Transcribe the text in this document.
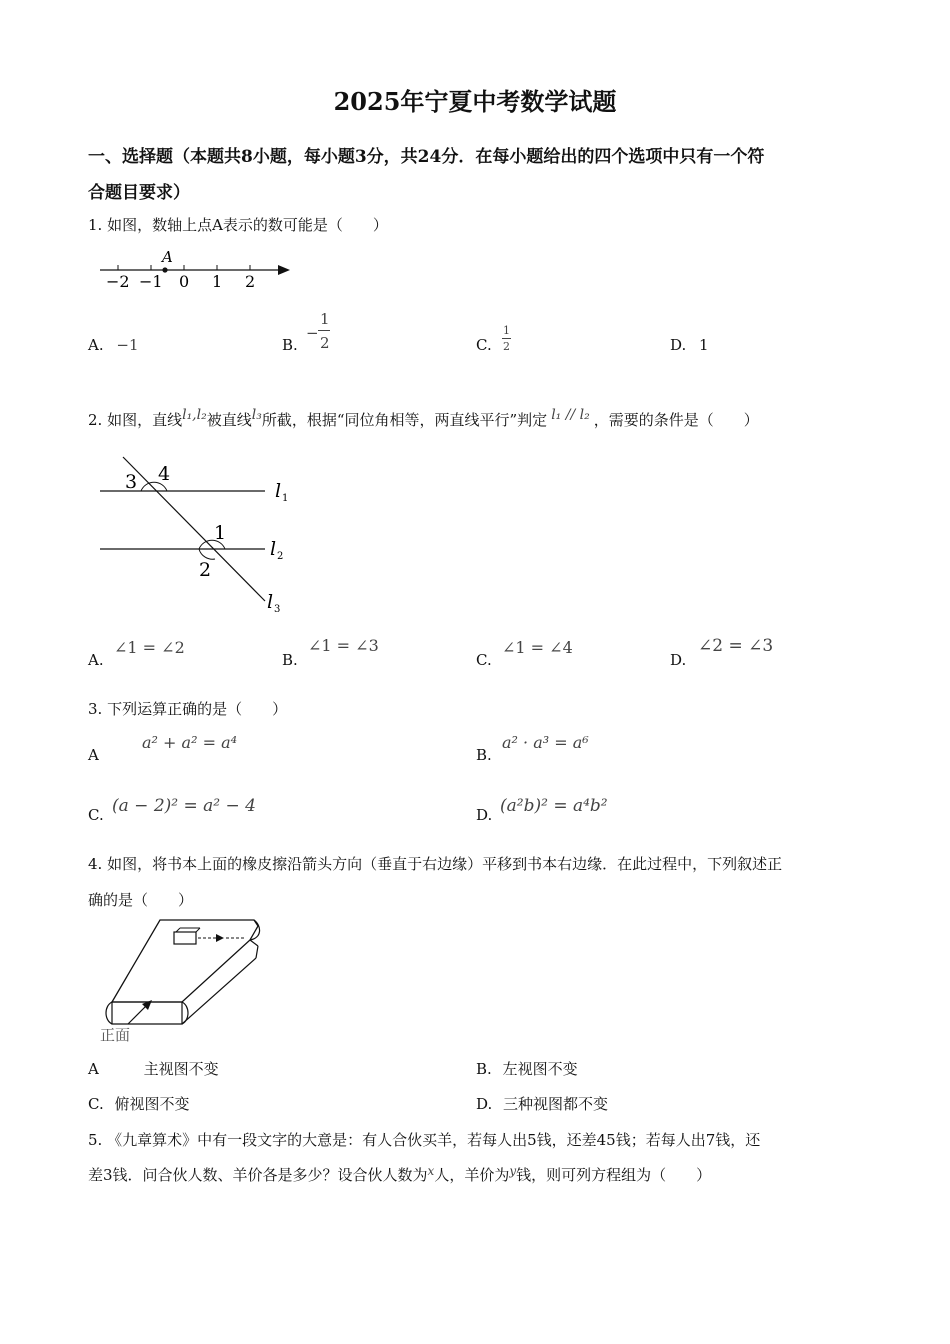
2025年宁夏中考数学试题
一、选择题（本题共8小题，每小题3分，共24分．在每小题给出的四个选项中只有一个符
合题目要求）
1. 如图，数轴上点A表示的数可能是（　　）
A
−2 −1 0 1 2
A. −1	B.
−
1
2	C.
1
2	D. 1
2. 如图，直线l₁,l₂被直线l₃所截，根据“同位角相等，两直线平行”判定 l₁ // l₂ ，需要的条件是（　　）
3 4
1
2
l 1
l 2
l 3
A.
∠1 = ∠2
B.
∠1 = ∠3
C.
∠1 = ∠4
D.
∠2 = ∠3
3. 下列运算正确的是（　　）
A
a² + a² = a⁴
B.
a² · a³ = a⁶
C. (a − 2)² = a² − 4	D. (a²b)² = a⁴b²
4. 如图，将书本上面的橡皮擦沿箭头方向（垂直于右边缘）平移到书本右边缘．在此过程中，下列叙述正
确的是（　　）
正面
A	主视图不变	B. 左视图不变
C. 俯视图不变	D. 三种视图都不变
5. 《九章算术》中有一段文字的大意是：有人合伙买羊，若每人出5钱，还差45钱；若每人出7钱，还
差3钱．问合伙人数、羊价各是多少？设合伙人数为$^x$人，羊价为$^y$钱，则可列方程组为（　　）
